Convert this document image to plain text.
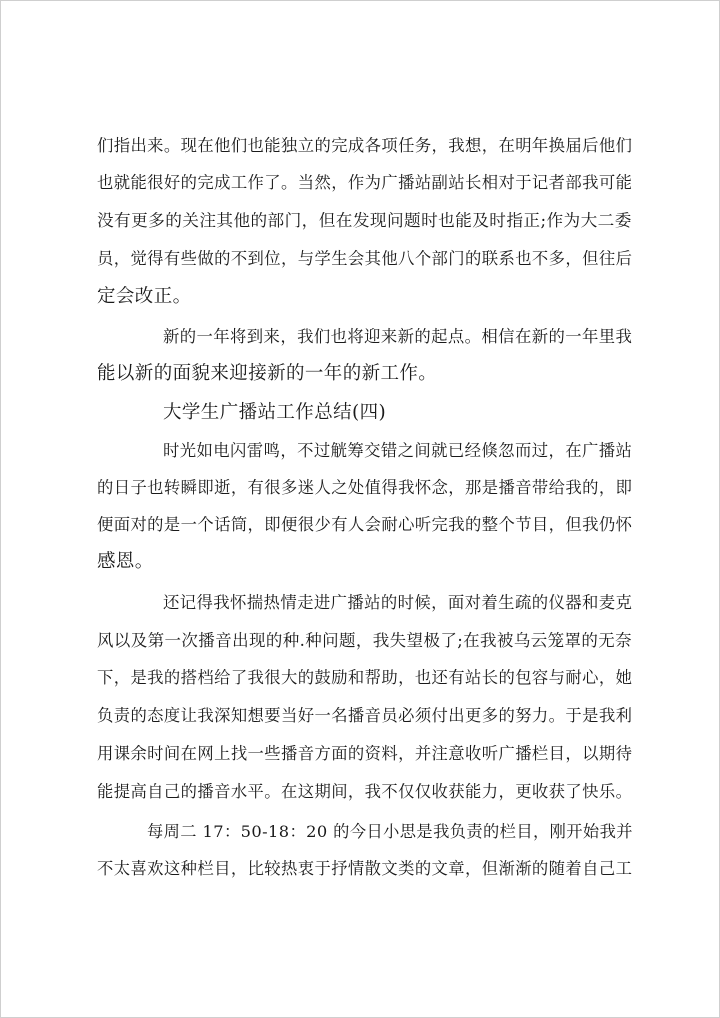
们指出来。现在他们也能独立的完成各项任务，我想，在明年换届后他们
也就能很好的完成工作了。当然，作为广播站副站长相对于记者部我可能
没有更多的关注其他的部门，但在发现问题时也能及时指正;作为大二委
员，觉得有些做的不到位，与学生会其他八个部门的联系也不多，但往后
定会改正。
新的一年将到来，我们也将迎来新的起点。相信在新的一年里我
能以新的面貌来迎接新的一年的新工作。
大学生广播站工作总结(四)
时光如电闪雷鸣，不过觥筹交错之间就已经倏忽而过，在广播站
的日子也转瞬即逝，有很多迷人之处值得我怀念，那是播音带给我的，即
便面对的是一个话筒，即便很少有人会耐心听完我的整个节目，但我仍怀
感恩。
还记得我怀揣热情走进广播站的时候，面对着生疏的仪器和麦克
风以及第一次播音出现的种.种问题，我失望极了;在我被乌云笼罩的无奈
下，是我的搭档给了我很大的鼓励和帮助，也还有站长的包容与耐心，她
负责的态度让我深知想要当好一名播音员必须付出更多的努力。于是我利
用课余时间在网上找一些播音方面的资料，并注意收听广播栏目，以期待
能提高自己的播音水平。在这期间，我不仅仅收获能力，更收获了快乐。
每周二 17：50-18：20 的今日小思是我负责的栏目，刚开始我并
不太喜欢这种栏目，比较热衷于抒情散文类的文章，但渐渐的随着自己工
